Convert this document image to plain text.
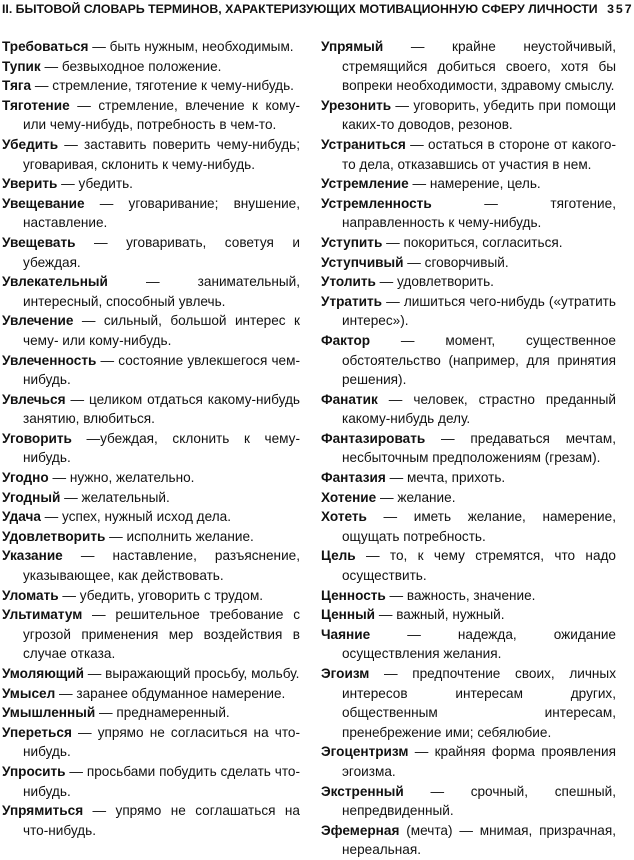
II. БЫТОВОЙ СЛОВАРЬ ТЕРМИНОВ, ХАРАКТЕРИЗУЮЩИХ МОТИВАЦИОННУЮ СФЕРУ ЛИЧНОСТИ 357
Требоваться — быть нужным, необходимым.
Тупик — безвыходное положение.
Тяга — стремление, тяготение к чему-нибудь.
Тяготение — стремление, влечение к кому-или чему-нибудь, потребность в чем-то.
Убедить — заставить поверить чему-нибудь; уговаривая, склонить к чему-нибудь.
Уверить — убедить.
Увещевание — уговаривание; внушение, наставление.
Увещевать — уговаривать, советуя и убеждая.
Увлекательный — занимательный, интересный, способный увлечь.
Увлечение — сильный, большой интерес к чему- или кому-нибудь.
Увлеченность — состояние увлекшегося чем-нибудь.
Увлечься — целиком отдаться какому-нибудь занятию, влюбиться.
Уговорить —убеждая, склонить к чему-нибудь.
Угодно — нужно, желательно.
Угодный — желательный.
Удача — успех, нужный исход дела.
Удовлетворить — исполнить желание.
Указание — наставление, разъяснение, указывающее, как действовать.
Уломать — убедить, уговорить с трудом.
Ультиматум — решительное требование с угрозой применения мер воздействия в случае отказа.
Умоляющий — выражающий просьбу, мольбу.
Умысел — заранее обдуманное намерение.
Умышленный — преднамеренный.
Упереться — упрямо не согласиться на что-нибудь.
Упросить — просьбами побудить сделать что-нибудь.
Упрямиться — упрямо не соглашаться на что-нибудь.
Упрямый — крайне неустойчивый, стремящийся добиться своего, хотя бы вопреки необходимости, здравому смыслу.
Урезонить — уговорить, убедить при помощи каких-то доводов, резонов.
Устраниться — остаться в стороне от какого-то дела, отказавшись от участия в нем.
Устремление — намерение, цель.
Устремленность — тяготение, направленность к чему-нибудь.
Уступить — покориться, согласиться.
Уступчивый — сговорчивый.
Утолить — удовлетворить.
Утратить — лишиться чего-нибудь («утратить интерес»).
Фактор — момент, существенное обстоятельство (например, для принятия решения).
Фанатик — человек, страстно преданный какому-нибудь делу.
Фантазировать — предаваться мечтам, несбыточным предположениям (грезам).
Фантазия — мечта, прихоть.
Хотение — желание.
Хотеть — иметь желание, намерение, ощущать потребность.
Цель — то, к чему стремятся, что надо осуществить.
Ценность — важность, значение.
Ценный — важный, нужный.
Чаяние — надежда, ожидание осуществления желания.
Эгоизм — предпочтение своих, личных интересов интересам других, общественным интересам, пренебрежение ими; себялюбие.
Эгоцентризм — крайняя форма проявления эгоизма.
Экстренный — срочный, спешный, непредвиденный.
Эфемерная (мечта) — мнимая, призрачная, нереальная.
